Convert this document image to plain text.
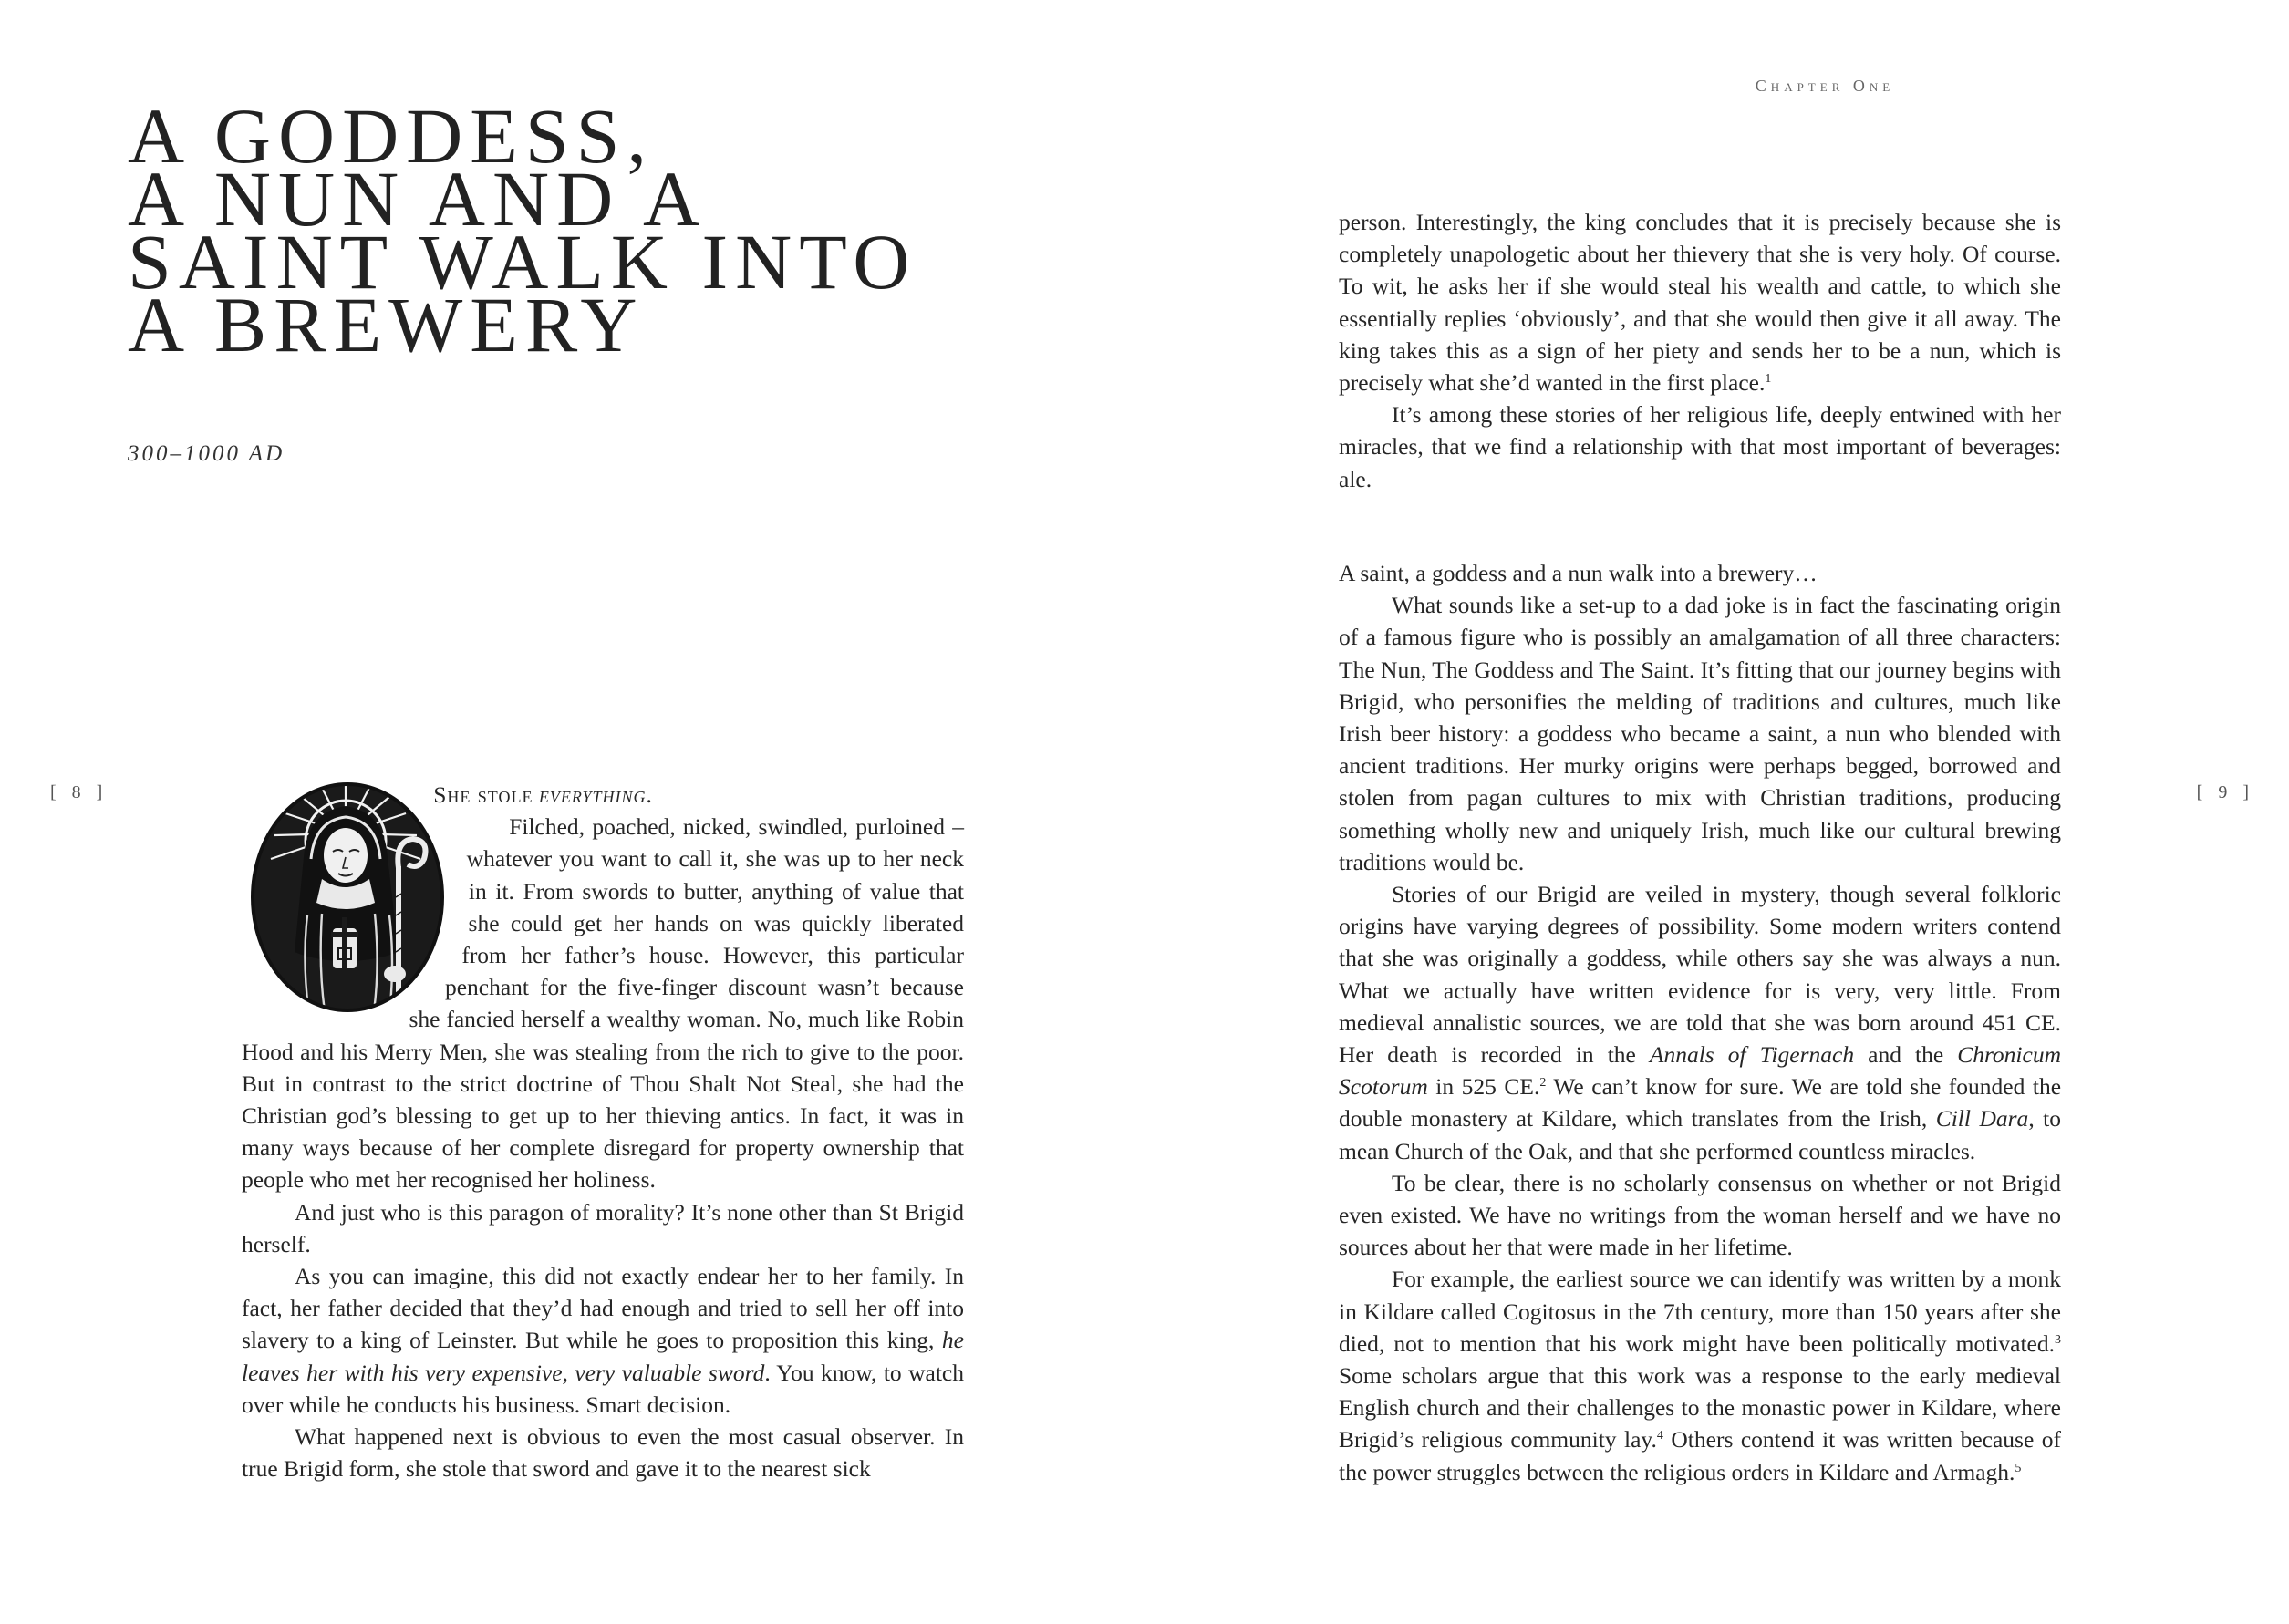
A GODDESS,
A NUN AND A
SAINT WALK INTO
A BREWERY

300–1000 AD

[ 8 ]	She stole everything.

Filched, poached, nicked, swindled, purloined – whatever you want to call it, she was up to her neck in it. From swords to butter, anything of value that she could get her hands on was quickly liberated from her father’s house. However, this particular penchant for the five-finger discount wasn’t because she fancied herself a wealthy woman. No, much like Robin Hood and his Merry Men, she was stealing from the rich to give to the poor. But in contrast to the strict doctrine of Thou Shalt Not Steal, she had the Christian god’s blessing to get up to her thieving antics. In fact, it was in many ways because of her complete disregard for property ownership that people who met her recognised her holiness.

And just who is this paragon of morality? It’s none other than St Brigid herself.

As you can imagine, this did not exactly endear her to her family. In fact, her father decided that they’d had enough and tried to sell her off into slavery to a king of Leinster. But while he goes to proposition this king, he leaves her with his very expensive, very valuable sword. You know, to watch over while he conducts his business. Smart decision.

What happened next is obvious to even the most casual observer. In true Brigid form, she stole that sword and gave it to the nearest sick

Chapter One
[ 9 ]

person. Interestingly, the king concludes that it is precisely because she is completely unapologetic about her thievery that she is very holy. Of course. To wit, he asks her if she would steal his wealth and cattle, to which she essentially replies ‘obviously’, and that she would then give it all away. The king takes this as a sign of her piety and sends her to be a nun, which is precisely what she’d wanted in the first place.$^1$

It’s among these stories of her religious life, deeply entwined with her miracles, that we find a relationship with that most important of beverages: ale.

A saint, a goddess and a nun walk into a brewery…

What sounds like a set-up to a dad joke is in fact the fascinating origin of a famous figure who is possibly an amalgamation of all three characters: The Nun, The Goddess and The Saint. It’s fitting that our journey begins with Brigid, who personifies the melding of traditions and cultures, much like Irish beer history: a goddess who became a saint, a nun who blended with ancient traditions. Her murky origins were perhaps begged, borrowed and stolen from pagan cultures to mix with Christian traditions, producing something wholly new and uniquely Irish, much like our cultural brewing traditions would be.

Stories of our Brigid are veiled in mystery, though several folkloric origins have varying degrees of possibility. Some modern writers contend that she was originally a goddess, while others say she was always a nun. What we actually have written evidence for is very, very little. From medieval annalistic sources, we are told that she was born around 451 CE. Her death is recorded in the Annals of Tigernach and the Chronicum Scotorum in 525 CE.$^2$ We can’t know for sure. We are told she founded the double monastery at Kildare, which translates from the Irish, Cill Dara, to mean Church of the Oak, and that she performed countless miracles.

To be clear, there is no scholarly consensus on whether or not Brigid even existed. We have no writings from the woman herself and we have no sources about her that were made in her lifetime.

For example, the earliest source we can identify was written by a monk in Kildare called Cogitosus in the 7th century, more than 150 years after she died, not to mention that his work might have been politically motivated.$^3$ Some scholars argue that this work was a response to the early medieval English church and their challenges to the monastic power in Kildare, where Brigid’s religious community lay.$^4$ Others contend it was written because of the power struggles between the religious orders in Kildare and Armagh.$^5$
